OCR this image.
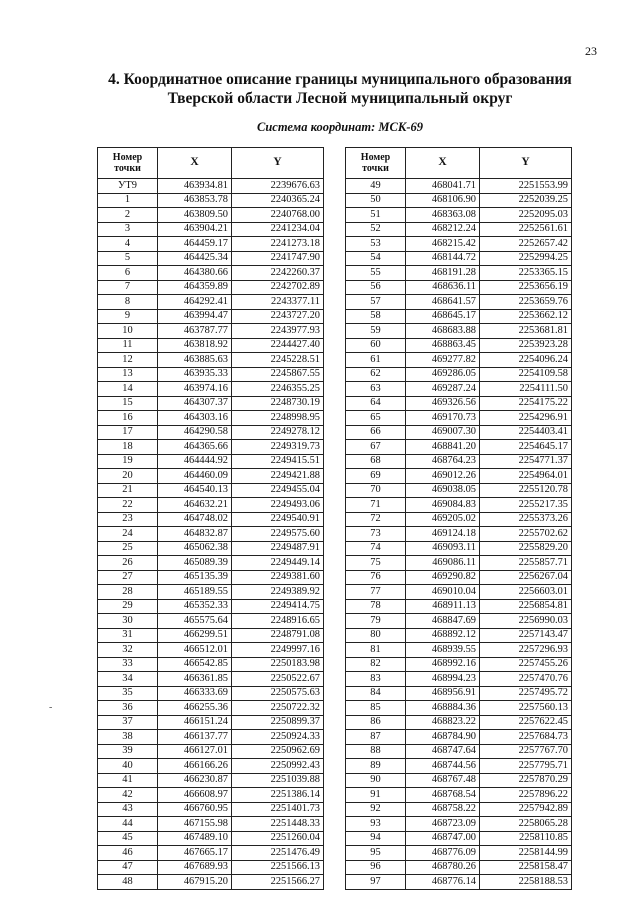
23
4. Координатное описание границы муниципального образования
Тверской области Лесной муниципальный округ
Система координат: МСК-69
-
Номер точки	X	Y
УТ9	463934.81	2239676.63
1	463853.78	2240365.24
2	463809.50	2240768.00
3	463904.21	2241234.04
4	464459.17	2241273.18
5	464425.34	2241747.90
6	464380.66	2242260.37
7	464359.89	2242702.89
8	464292.41	2243377.11
9	463994.47	2243727.20
10	463787.77	2243977.93
11	463818.92	2244427.40
12	463885.63	2245228.51
13	463935.33	2245867.55
14	463974.16	2246355.25
15	464307.37	2248730.19
16	464303.16	2248998.95
17	464290.58	2249278.12
18	464365.66	2249319.73
19	464444.92	2249415.51
20	464460.09	2249421.88
21	464540.13	2249455.04
22	464632.21	2249493.06
23	464748.02	2249540.91
24	464832.87	2249575.60
25	465062.38	2249487.91
26	465089.39	2249449.14
27	465135.39	2249381.60
28	465189.55	2249389.92
29	465352.33	2249414.75
30	465575.64	2248916.65
31	466299.51	2248791.08
32	466512.01	2249997.16
33	466542.85	2250183.98
34	466361.85	2250522.67
35	466333.69	2250575.63
36	466255.36	2250722.32
37	466151.24	2250899.37
38	466137.77	2250924.33
39	466127.01	2250962.69
40	466166.26	2250992.43
41	466230.87	2251039.88
42	466608.97	2251386.14
43	466760.95	2251401.73
44	467155.98	2251448.33
45	467489.10	2251260.04
46	467665.17	2251476.49
47	467689.93	2251566.13
48	467915.20	2251566.27
Номер точки	X	Y
49	468041.71	2251553.99
50	468106.90	2252039.25
51	468363.08	2252095.03
52	468212.24	2252561.61
53	468215.42	2252657.42
54	468144.72	2252994.25
55	468191.28	2253365.15
56	468636.11	2253656.19
57	468641.57	2253659.76
58	468645.17	2253662.12
59	468683.88	2253681.81
60	468863.45	2253923.28
61	469277.82	2254096.24
62	469286.05	2254109.58
63	469287.24	2254111.50
64	469326.56	2254175.22
65	469170.73	2254296.91
66	469007.30	2254403.41
67	468841.20	2254645.17
68	468764.23	2254771.37
69	469012.26	2254964.01
70	469038.05	2255120.78
71	469084.83	2255217.35
72	469205.02	2255373.26
73	469124.18	2255702.62
74	469093.11	2255829.20
75	469086.11	2255857.71
76	469290.82	2256267.04
77	469010.04	2256603.01
78	468911.13	2256854.81
79	468847.69	2256990.03
80	468892.12	2257143.47
81	468939.55	2257296.93
82	468992.16	2257455.26
83	468994.23	2257470.76
84	468956.91	2257495.72
85	468884.36	2257560.13
86	468823.22	2257622.45
87	468784.90	2257684.73
88	468747.64	2257767.70
89	468744.56	2257795.71
90	468767.48	2257870.29
91	468768.54	2257896.22
92	468758.22	2257942.89
93	468723.09	2258065.28
94	468747.00	2258110.85
95	468776.09	2258144.99
96	468780.26	2258158.47
97	468776.14	2258188.53
